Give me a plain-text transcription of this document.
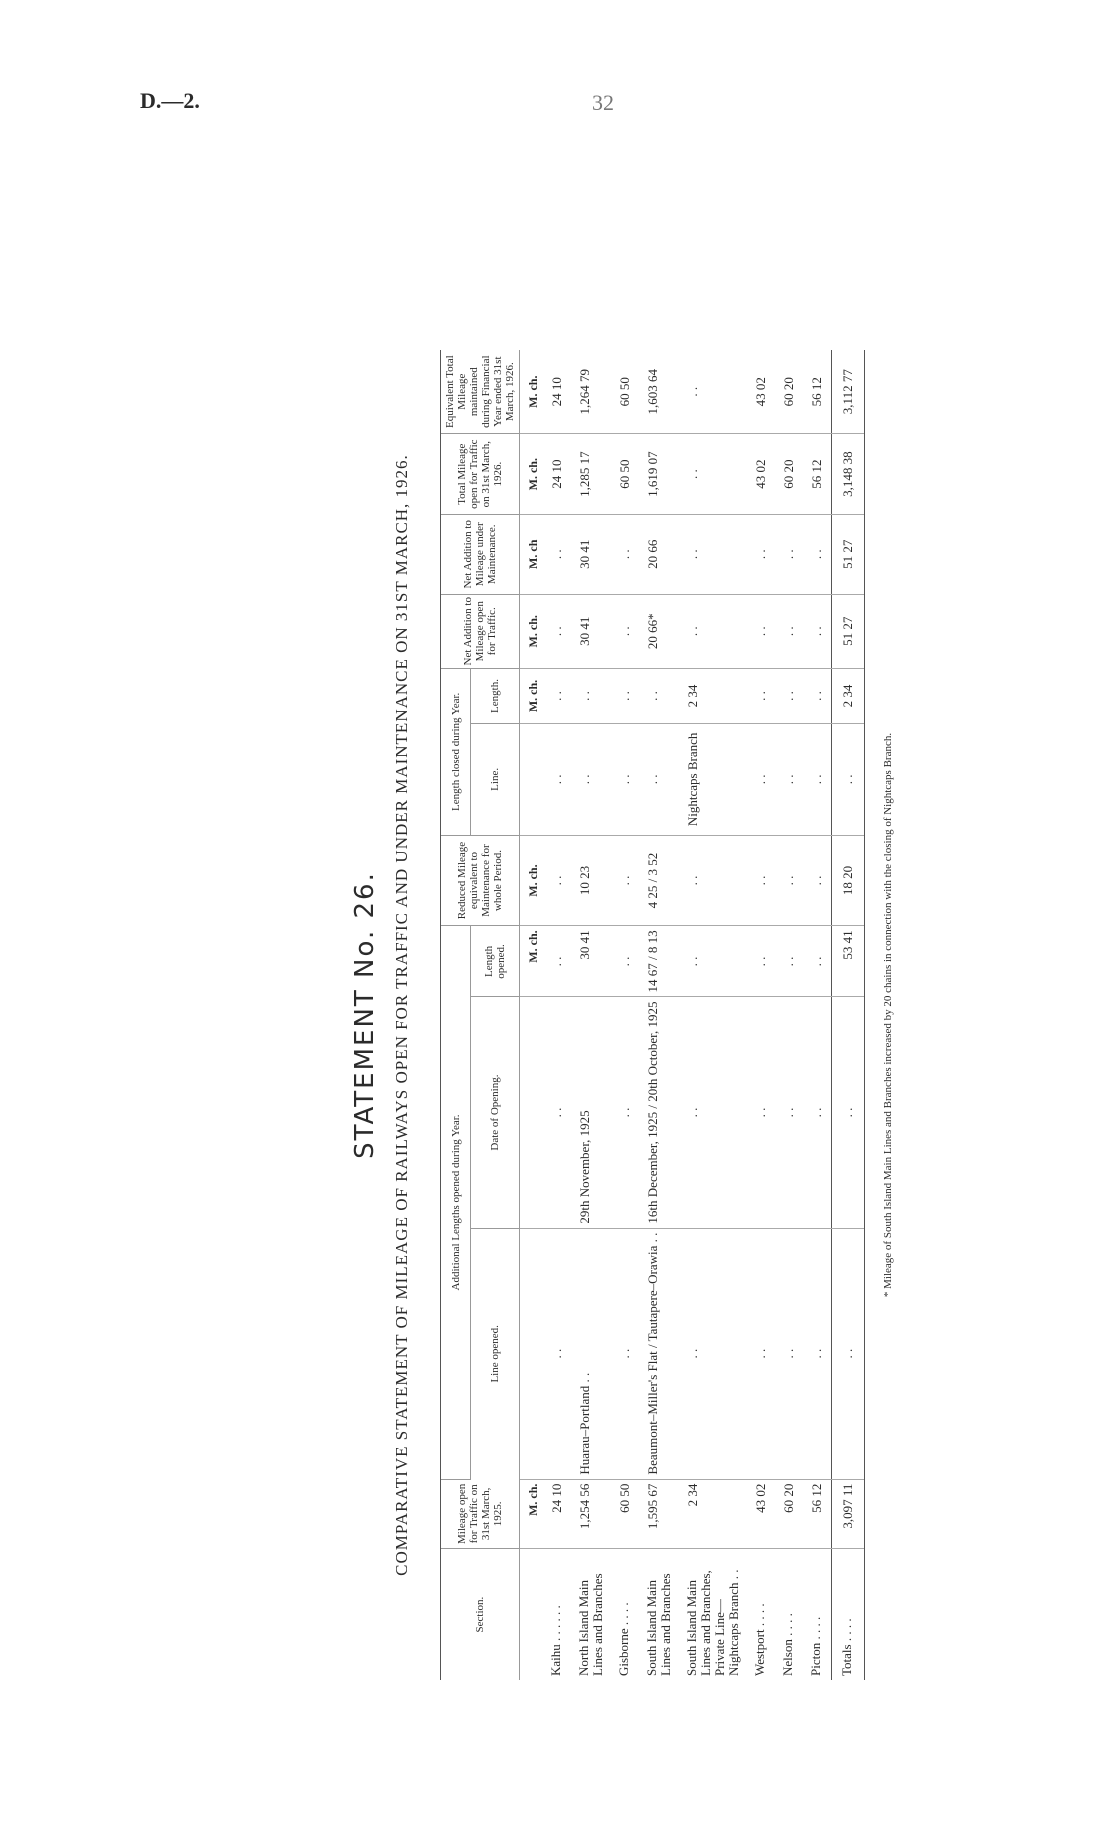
D.—2.	32
STATEMENT No. 26. COMPARATIVE STATEMENT OF MILEAGE OF RAILWAYS OPEN FOR TRAFFIC AND UNDER MAINTENANCE ON 31ST MARCH, 1926.
Section.	Mileage open for Traffic on 31st March, 1925.	Additional Lengths opened during Year.			Reduced Mileage equivalent to Maintenance for whole Period.	Length closed during Year.		Net Addition to Mileage open for Traffic.	Net Addition to Mileage under Maintenance.	Total Mileage open for Traffic on 31st March, 1926.	Equivalent Total Mileage maintained during Financial Year ended 31st March, 1926.
		Line opened.	Date of Opening.	Length opened.		Line.	Length.				
	M. ch.			M. ch.	M. ch.		M. ch.	M. ch.	M. ch	M. ch.	M. ch.
Kaihu . . . . . .	24 10	. .	. .	. .	. .	. .	. .	. .	. .	24 10	24 10
North Island Main Lines and Branches	1,254 56	Huarau–Portland . .	29th November, 1925	30 41	10 23	. .	. .	30 41	30 41	1,285 17	1,264 79
Gisborne . . . .	60 50	. .	. .	. .	. .	. .	. .	. .	. .	60 50	60 50
South Island Main Lines and Branches	1,595 67	Beaumont–Miller's Flat / Tautapere–Orawia . .	16th December, 1925 / 20th October, 1925	14 67 / 8 13	4 25 / 3 52	. .	. .	20 66*	20 66	1,619 07	1,603 64
South Island Main Lines and Branches, Private Line—Nightcaps Branch . .	2 34	. .	. .	. .	. .	Nightcaps Branch	2 34	. .	. .	. .	. .
Westport . . . .	43 02	. .	. .	. .	. .	. .	. .	. .	. .	43 02	43 02
Nelson . . . .	60 20	. .	. .	. .	. .	. .	. .	. .	. .	60 20	60 20
Picton . . . .	56 12	. .	. .	. .	. .	. .	. .	. .	. .	56 12	56 12
Totals . . . .	3,097 11	. .	. .	53 41	18 20	. .	2 34	51 27	51 27	3,148 38	3,112 77
* Mileage of South Island Main Lines and Branches increased by 20 chains in connection with the closing of Nightcaps Branch.
